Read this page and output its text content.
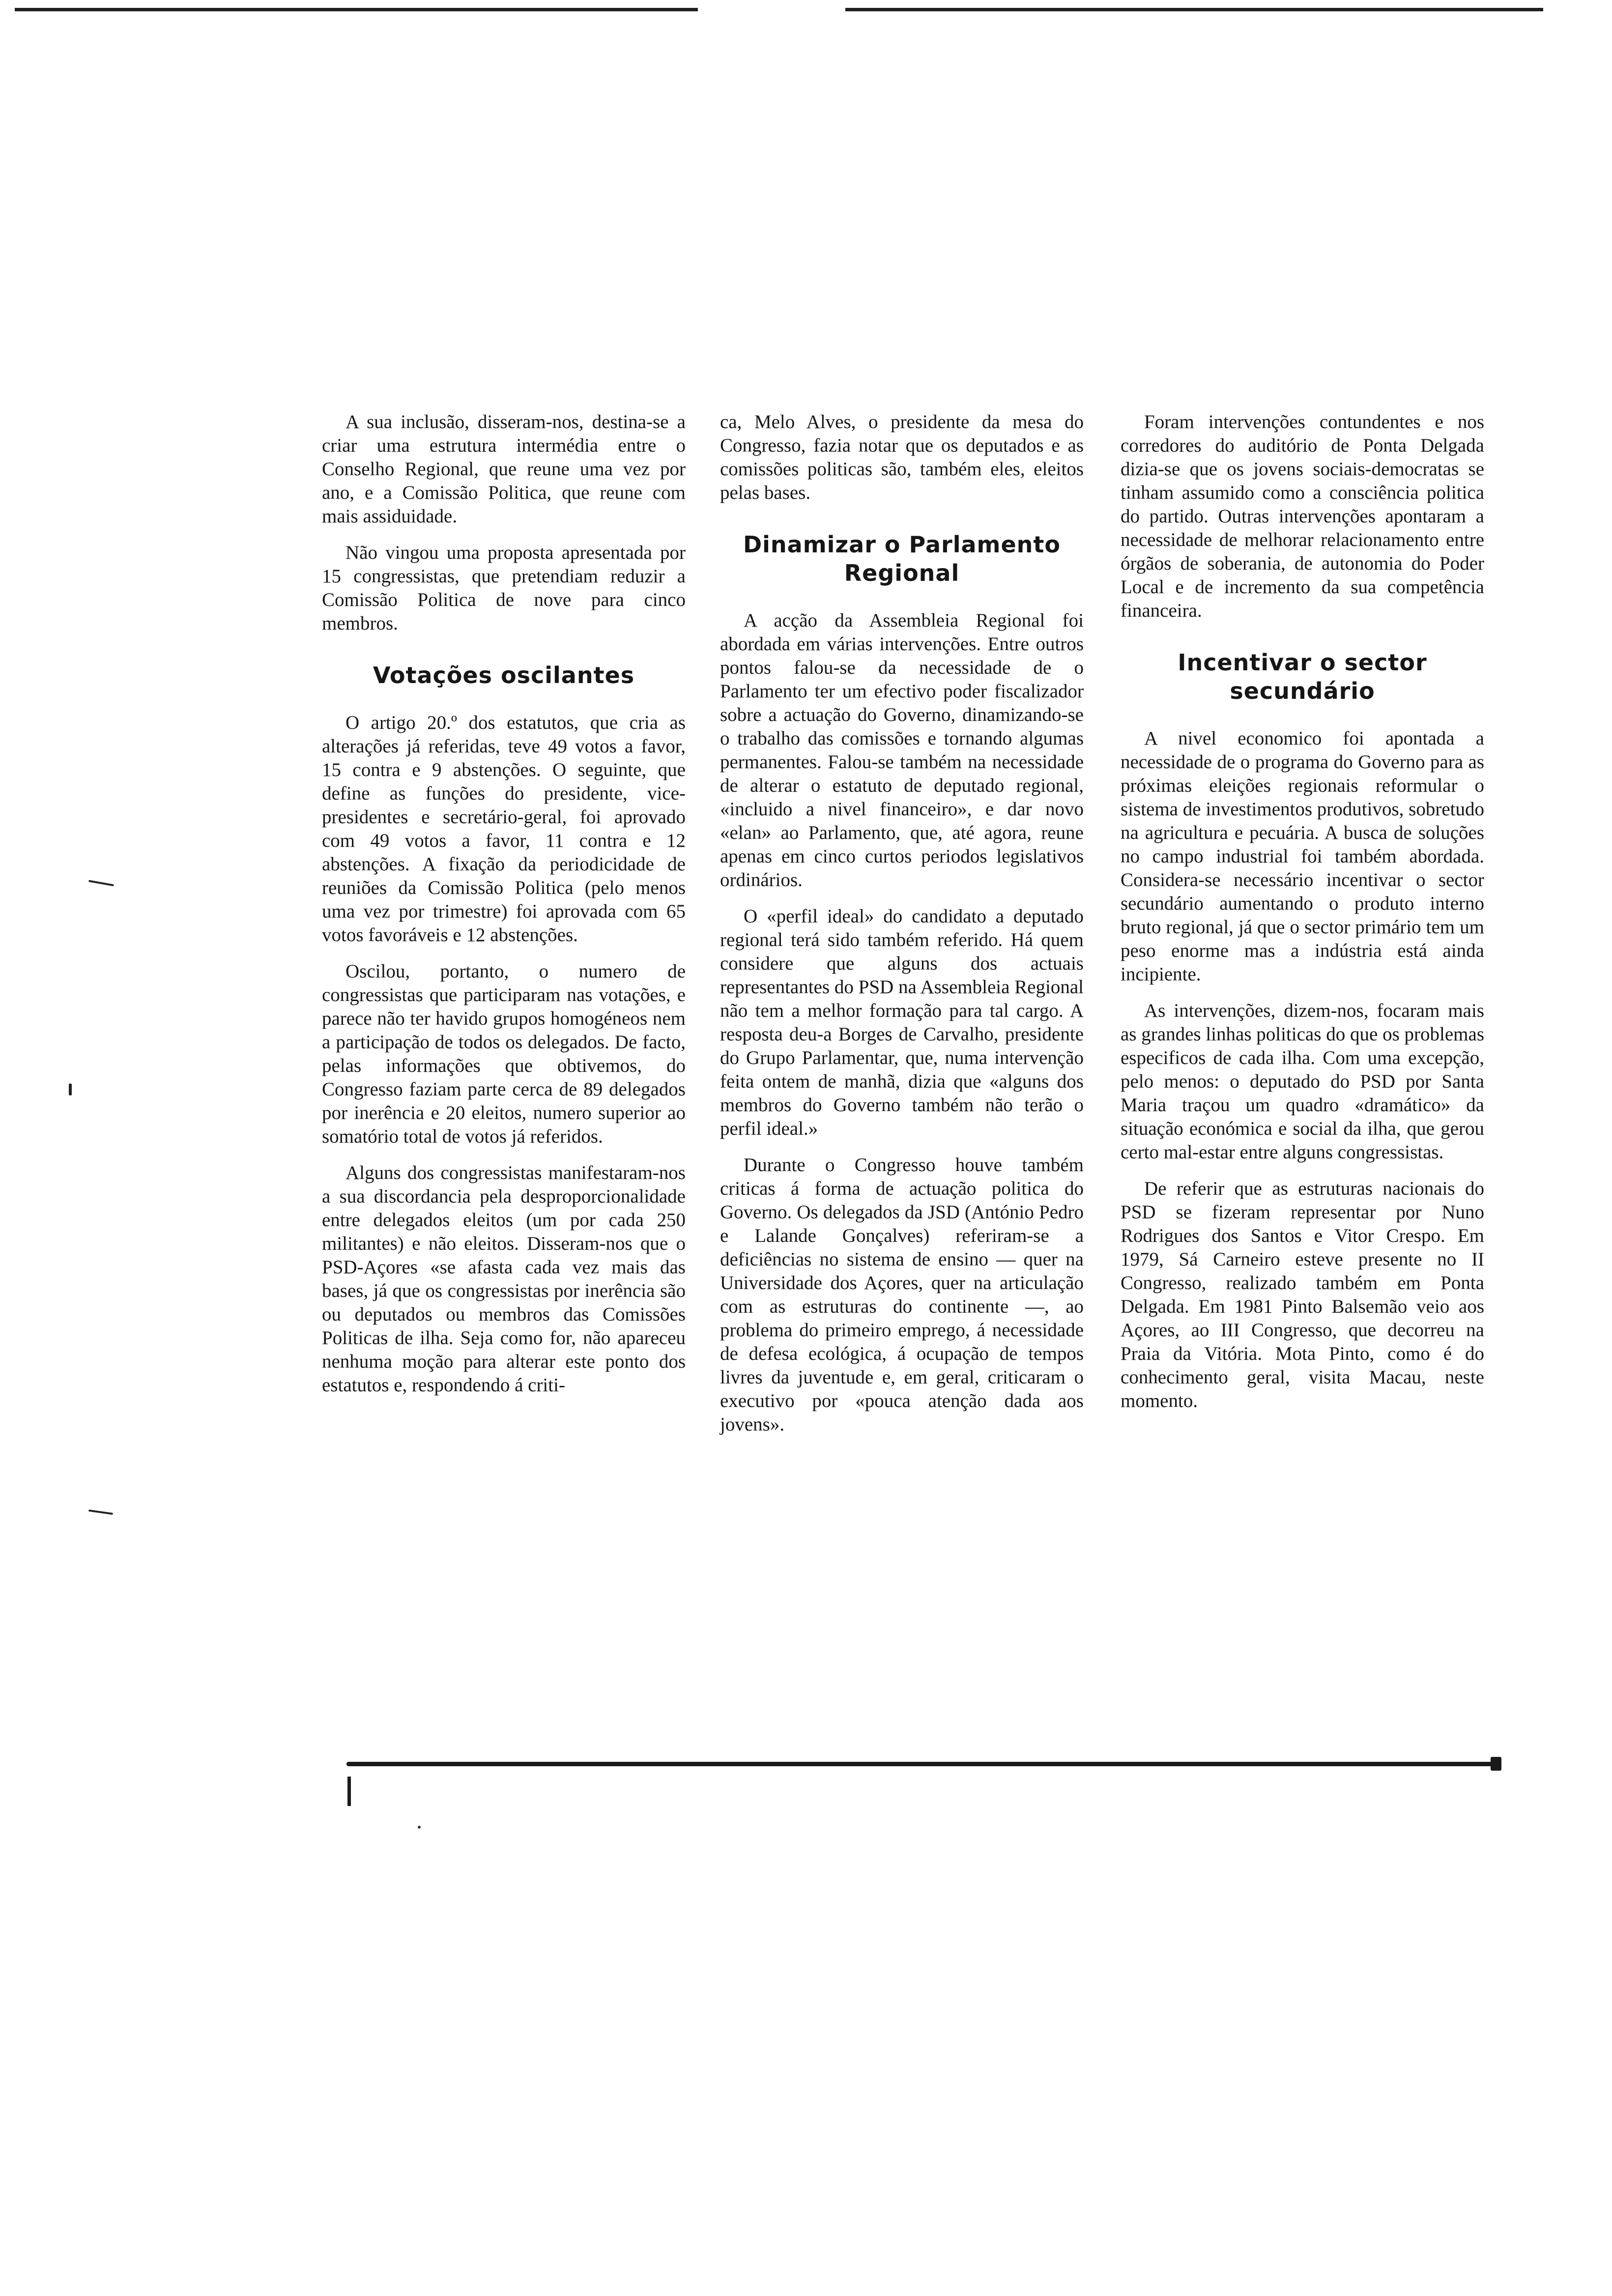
A sua inclusão, disseram-nos, destina-se a criar uma estrutura intermédia entre o Conselho Regional, que reune uma vez por ano, e a Comissão Politica, que reune com mais assiduidade.

Não vingou uma proposta apresentada por 15 congressistas, que pretendiam reduzir a Comissão Politica de nove para cinco membros.

Votações oscilantes

O artigo 20.º dos estatutos, que cria as alterações já referidas, teve 49 votos a favor, 15 contra e 9 abstenções. O seguinte, que define as funções do presidente, vice-presidentes e secretário-geral, foi aprovado com 49 votos a favor, 11 contra e 12 abstenções. A fixação da periodicidade de reuniões da Comissão Politica (pelo menos uma vez por trimestre) foi aprovada com 65 votos favoráveis e 12 abstenções.

Oscilou, portanto, o numero de congressistas que participaram nas votações, e parece não ter havido grupos homogéneos nem a participação de todos os delegados. De facto, pelas informações que obtivemos, do Congresso faziam parte cerca de 89 delegados por inerência e 20 eleitos, numero superior ao somatório total de votos já referidos.

Alguns dos congressistas manifestaram-nos a sua discordancia pela desproporcionalidade entre delegados eleitos (um por cada 250 militantes) e não eleitos. Disseram-nos que o PSD-Açores «se afasta cada vez mais das bases, já que os congressistas por inerência são ou deputados ou membros das Comissões Politicas de ilha. Seja como for, não apareceu nenhuma moção para alterar este ponto dos estatutos e, respondendo á criti-

ca, Melo Alves, o presidente da mesa do Congresso, fazia notar que os deputados e as comissões politicas são, também eles, eleitos pelas bases.

Dinamizar o Parlamento Regional

A acção da Assembleia Regional foi abordada em várias intervenções. Entre outros pontos falou-se da necessidade de o Parlamento ter um efectivo poder fiscalizador sobre a actuação do Governo, dinamizando-se o trabalho das comissões e tornando algumas permanentes. Falou-se também na necessidade de alterar o estatuto de deputado regional, «incluido a nivel financeiro», e dar novo «elan» ao Parlamento, que, até agora, reune apenas em cinco curtos periodos legislativos ordinários.

O «perfil ideal» do candidato a deputado regional terá sido também referido. Há quem considere que alguns dos actuais representantes do PSD na Assembleia Regional não tem a melhor formação para tal cargo. A resposta deu-a Borges de Carvalho, presidente do Grupo Parlamentar, que, numa intervenção feita ontem de manhã, dizia que «alguns dos membros do Governo também não terão o perfil ideal.»

Durante o Congresso houve também criticas á forma de actuação politica do Governo. Os delegados da JSD (António Pedro e Lalande Gonçalves) referiram-se a deficiências no sistema de ensino — quer na Universidade dos Açores, quer na articulação com as estruturas do continente —, ao problema do primeiro emprego, á necessidade de defesa ecológica, á ocupação de tempos livres da juventude e, em geral, criticaram o executivo por «pouca atenção dada aos jovens».

Foram intervenções contundentes e nos corredores do auditório de Ponta Delgada dizia-se que os jovens sociais-democratas se tinham assumido como a consciência politica do partido. Outras intervenções apontaram a necessidade de melhorar relacionamento entre órgãos de soberania, de autonomia do Poder Local e de incremento da sua competência financeira.

Incentivar o sector secundário

A nivel economico foi apontada a necessidade de o programa do Governo para as próximas eleições regionais reformular o sistema de investimentos produtivos, sobretudo na agricultura e pecuária. A busca de soluções no campo industrial foi também abordada. Considera-se necessário incentivar o sector secundário aumentando o produto interno bruto regional, já que o sector primário tem um peso enorme mas a indústria está ainda incipiente.

As intervenções, dizem-nos, focaram mais as grandes linhas politicas do que os problemas especificos de cada ilha. Com uma excepção, pelo menos: o deputado do PSD por Santa Maria traçou um quadro «dramático» da situação económica e social da ilha, que gerou certo mal-estar entre alguns congressistas.

De referir que as estruturas nacionais do PSD se fizeram representar por Nuno Rodrigues dos Santos e Vitor Crespo. Em 1979, Sá Carneiro esteve presente no II Congresso, realizado também em Ponta Delgada. Em 1981 Pinto Balsemão veio aos Açores, ao III Congresso, que decorreu na Praia da Vitória. Mota Pinto, como é do conhecimento geral, visita Macau, neste momento.
